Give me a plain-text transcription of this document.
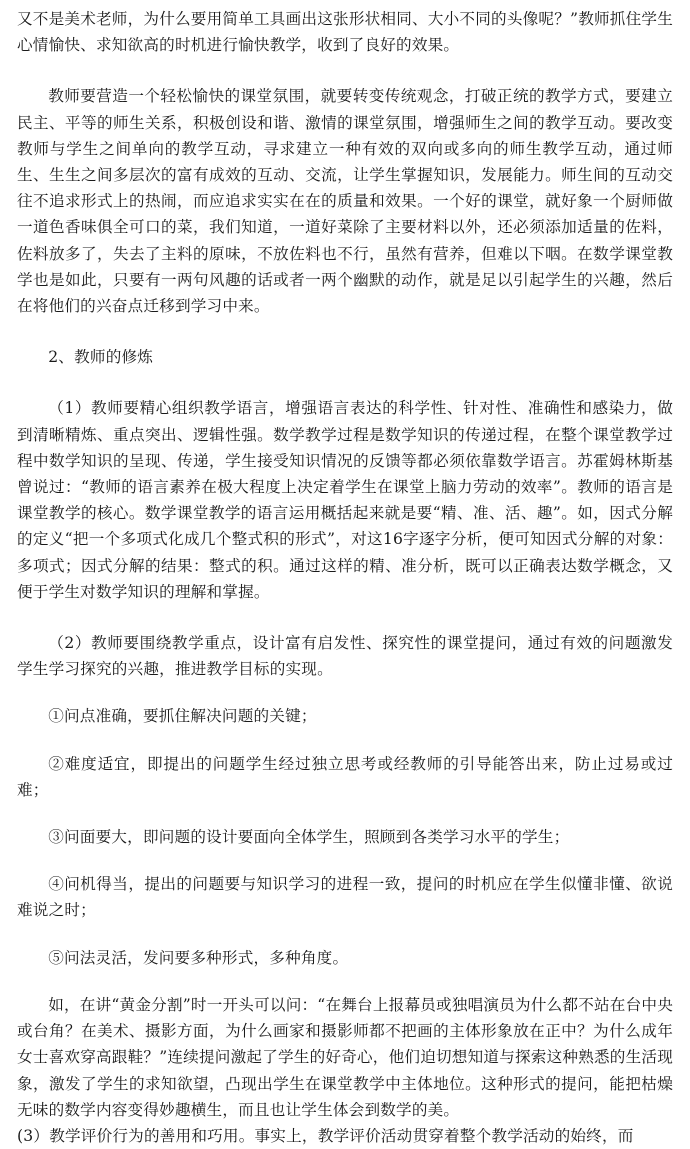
又不是美术老师，为什么要用简单工具画出这张形状相同、大小不同的头像呢？”教师抓住学生心情愉快、求知欲高的时机进行愉快教学，收到了良好的效果。

教师要营造一个轻松愉快的课堂氛围，就要转变传统观念，打破正统的教学方式，要建立民主、平等的师生关系，积极创设和谐、激情的课堂氛围，增强师生之间的教学互动。要改变教师与学生之间单向的教学互动，寻求建立一种有效的双向或多向的师生教学互动，通过师生、生生之间多层次的富有成效的互动、交流，让学生掌握知识，发展能力。师生间的互动交往不追求形式上的热闹，而应追求实实在在的质量和效果。一个好的课堂，就好象一个厨师做一道色香味俱全可口的菜，我们知道，一道好菜除了主要材料以外，还必须添加适量的佐料，佐料放多了，失去了主料的原味，不放佐料也不行，虽然有营养，但难以下咽。在数学课堂教学也是如此，只要有一两句风趣的话或者一两个幽默的动作，就是足以引起学生的兴趣，然后在将他们的兴奋点迁移到学习中来。

2、教师的修炼

（1）教师要精心组织教学语言，增强语言表达的科学性、针对性、准确性和感染力，做到清晰精炼、重点突出、逻辑性强。数学教学过程是数学知识的传递过程，在整个课堂教学过程中数学知识的呈现、传递，学生接受知识情况的反馈等都必须依靠数学语言。苏霍姆林斯基曾说过：“教师的语言素养在极大程度上决定着学生在课堂上脑力劳动的效率”。教师的语言是课堂教学的核心。数学课堂教学的语言运用概括起来就是要“精、准、活、趣”。如，因式分解的定义“把一个多项式化成几个整式积的形式”，对这16字逐字分析，便可知因式分解的对象：多项式；因式分解的结果：整式的积。通过这样的精、准分析，既可以正确表达数学概念，又便于学生对数学知识的理解和掌握。

（2）教师要围绕教学重点，设计富有启发性、探究性的课堂提问，通过有效的问题激发学生学习探究的兴趣，推进教学目标的实现。

①问点准确，要抓住解决问题的关键；

②难度适宜，即提出的问题学生经过独立思考或经教师的引导能答出来，防止过易或过难；

③问面要大，即问题的设计要面向全体学生，照顾到各类学习水平的学生；

④问机得当，提出的问题要与知识学习的进程一致，提问的时机应在学生似懂非懂、欲说难说之时；

⑤问法灵活，发问要多种形式，多种角度。

如，在讲“黄金分割”时一开头可以问：“在舞台上报幕员或独唱演员为什么都不站在台中央或台角？在美术、摄影方面，为什么画家和摄影师都不把画的主体形象放在正中？为什么成年女士喜欢穿高跟鞋？”连续提问激起了学生的好奇心，他们迫切想知道与探索这种熟悉的生活现象，激发了学生的求知欲望，凸现出学生在课堂教学中主体地位。这种形式的提问，能把枯燥无味的数学内容变得妙趣横生，而且也让学生体会到数学的美。

(3）教学评价行为的善用和巧用。事实上，教学评价活动贯穿着整个教学活动的始终，而
